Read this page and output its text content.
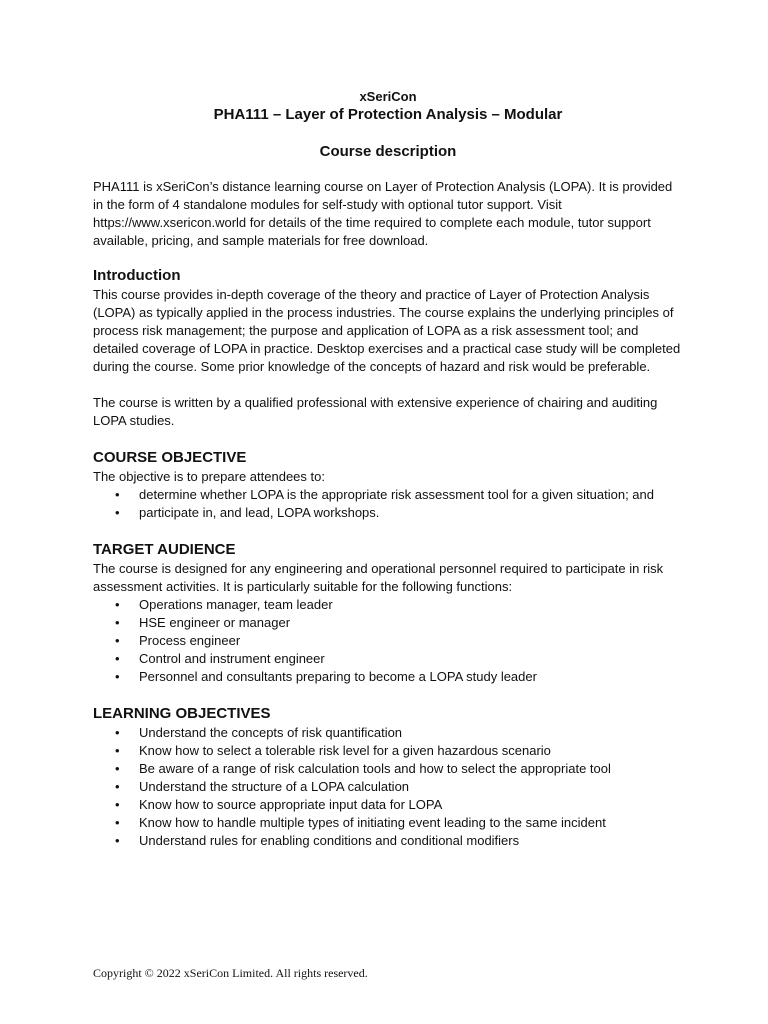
xSeriCon
PHA111 – Layer of Protection Analysis – Modular
Course description

PHA111 is xSeriCon’s distance learning course on Layer of Protection Analysis (LOPA). It is provided in the form of 4 standalone modules for self-study with optional tutor support. Visit https://www.xsericon.world for details of the time required to complete each module, tutor support available, pricing, and sample materials for free download.

Introduction

This course provides in-depth coverage of the theory and practice of Layer of Protection Analysis (LOPA) as typically applied in the process industries. The course explains the underlying principles of process risk management; the purpose and application of LOPA as a risk assessment tool; and detailed coverage of LOPA in practice. Desktop exercises and a practical case study will be completed during the course. Some prior knowledge of the concepts of hazard and risk would be preferable.

The course is written by a qualified professional with extensive experience of chairing and auditing LOPA studies.

COURSE OBJECTIVE

The objective is to prepare attendees to:

• determine whether LOPA is the appropriate risk assessment tool for a given situation; and
• participate in, and lead, LOPA workshops.
TARGET AUDIENCE

The course is designed for any engineering and operational personnel required to participate in risk assessment activities. It is particularly suitable for the following functions:

• Operations manager, team leader
• HSE engineer or manager
• Process engineer
• Control and instrument engineer
• Personnel and consultants preparing to become a LOPA study leader
LEARNING OBJECTIVES
• Understand the concepts of risk quantification
• Know how to select a tolerable risk level for a given hazardous scenario
• Be aware of a range of risk calculation tools and how to select the appropriate tool
• Understand the structure of a LOPA calculation
• Know how to source appropriate input data for LOPA
• Know how to handle multiple types of initiating event leading to the same incident
• Understand rules for enabling conditions and conditional modifiers
Copyright © 2022 xSeriCon Limited. All rights reserved.
